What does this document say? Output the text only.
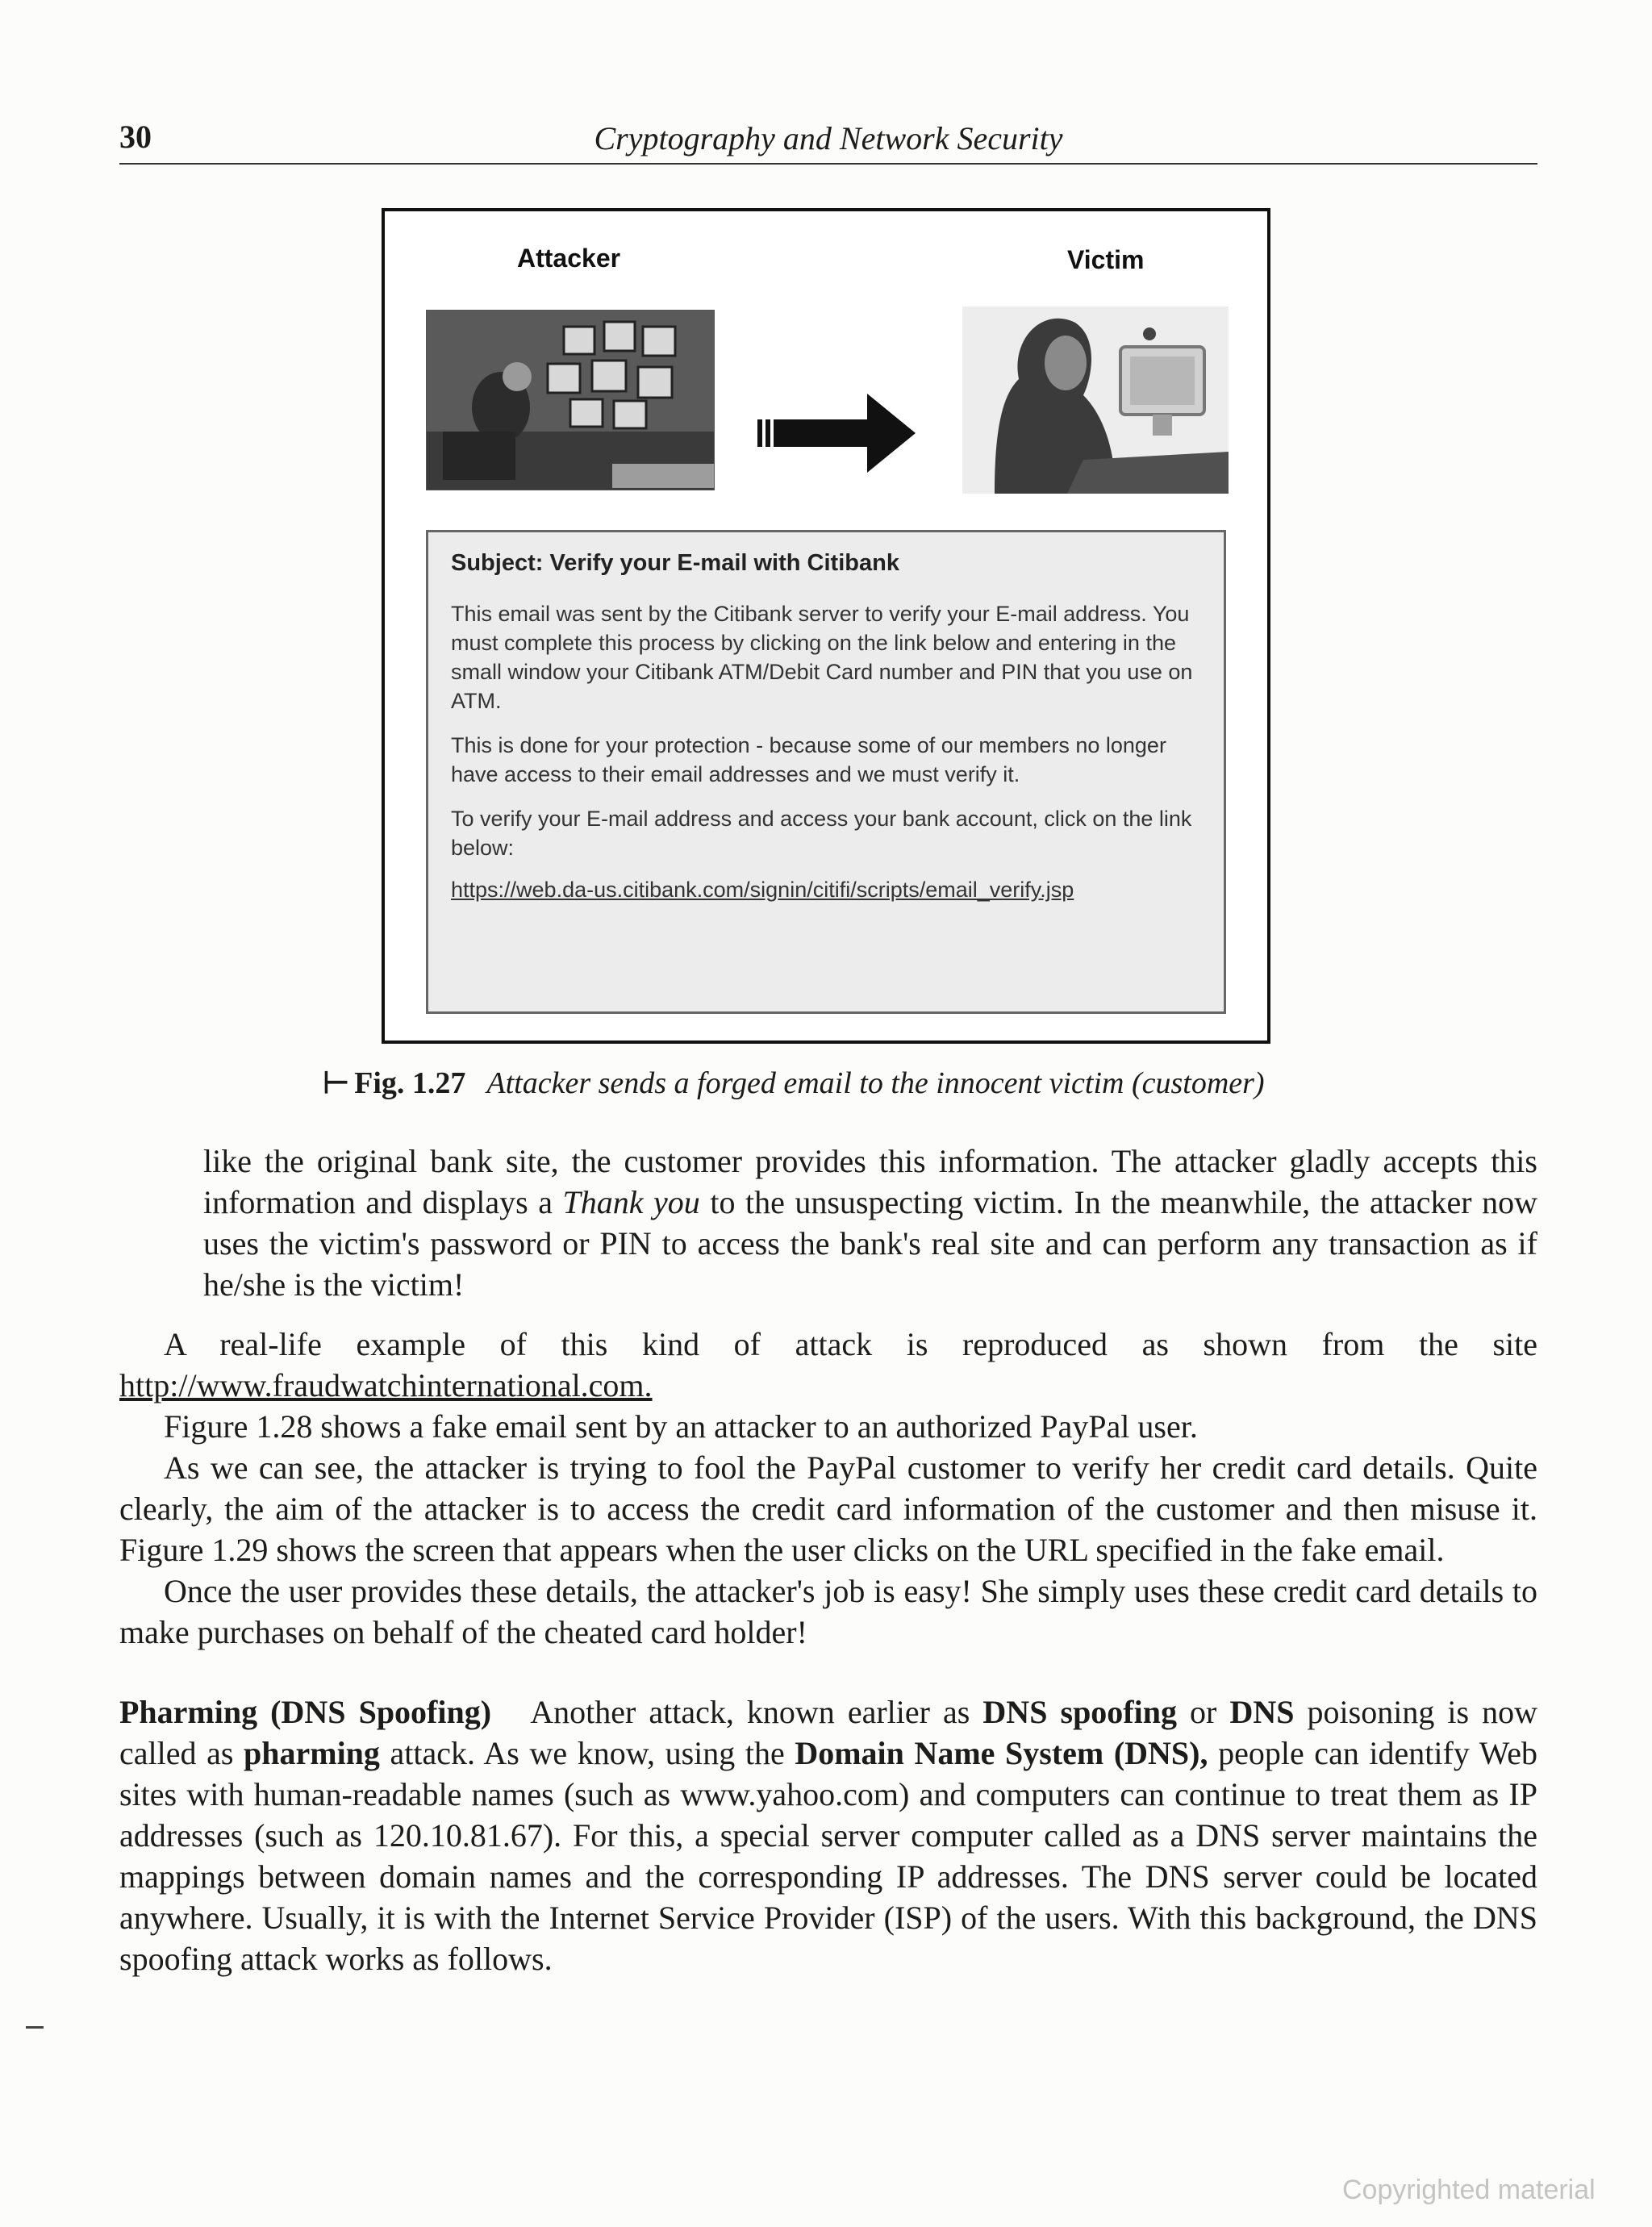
30	Cryptography and Network Security
Attacker	Victim
Subject: Verify your E-mail with Citibank

This email was sent by the Citibank server to verify your E-mail address. You must complete this process by clicking on the link below and entering in the small window your Citibank ATM/Debit Card number and PIN that you use on ATM.

This is done for your protection - because some of our members no longer have access to their email addresses and we must verify it.

To verify your E-mail address and access your bank account, click on the link below:

https://web.da-us.citibank.com/signin/citifi/scripts/email_verify.jsp
⊢ Fig. 1.27 Attacker sends a forged email to the innocent victim (customer)

like the original bank site, the customer provides this information. The attacker gladly accepts this information and displays a Thank you to the unsuspecting victim. In the meanwhile, the attacker now uses the victim's password or PIN to access the bank's real site and can perform any transaction as if he/she is the victim!

A real-life example of this kind of attack is reproduced as shown from the site http://www.fraudwatchinternational.com.

Figure 1.28 shows a fake email sent by an attacker to an authorized PayPal user.

As we can see, the attacker is trying to fool the PayPal customer to verify her credit card details. Quite clearly, the aim of the attacker is to access the credit card information of the customer and then misuse it. Figure 1.29 shows the screen that appears when the user clicks on the URL specified in the fake email.

Once the user provides these details, the attacker's job is easy! She simply uses these credit card details to make purchases on behalf of the cheated card holder!

Pharming (DNS Spoofing) Another attack, known earlier as DNS spoofing or DNS poisoning is now called as pharming attack. As we know, using the Domain Name System (DNS), people can identify Web sites with human-readable names (such as www.yahoo.com) and computers can continue to treat them as IP addresses (such as 120.10.81.67). For this, a special server computer called as a DNS server maintains the mappings between domain names and the corresponding IP addresses. The DNS server could be located anywhere. Usually, it is with the Internet Service Provider (ISP) of the users. With this background, the DNS spoofing attack works as follows.

Copyrighted material
